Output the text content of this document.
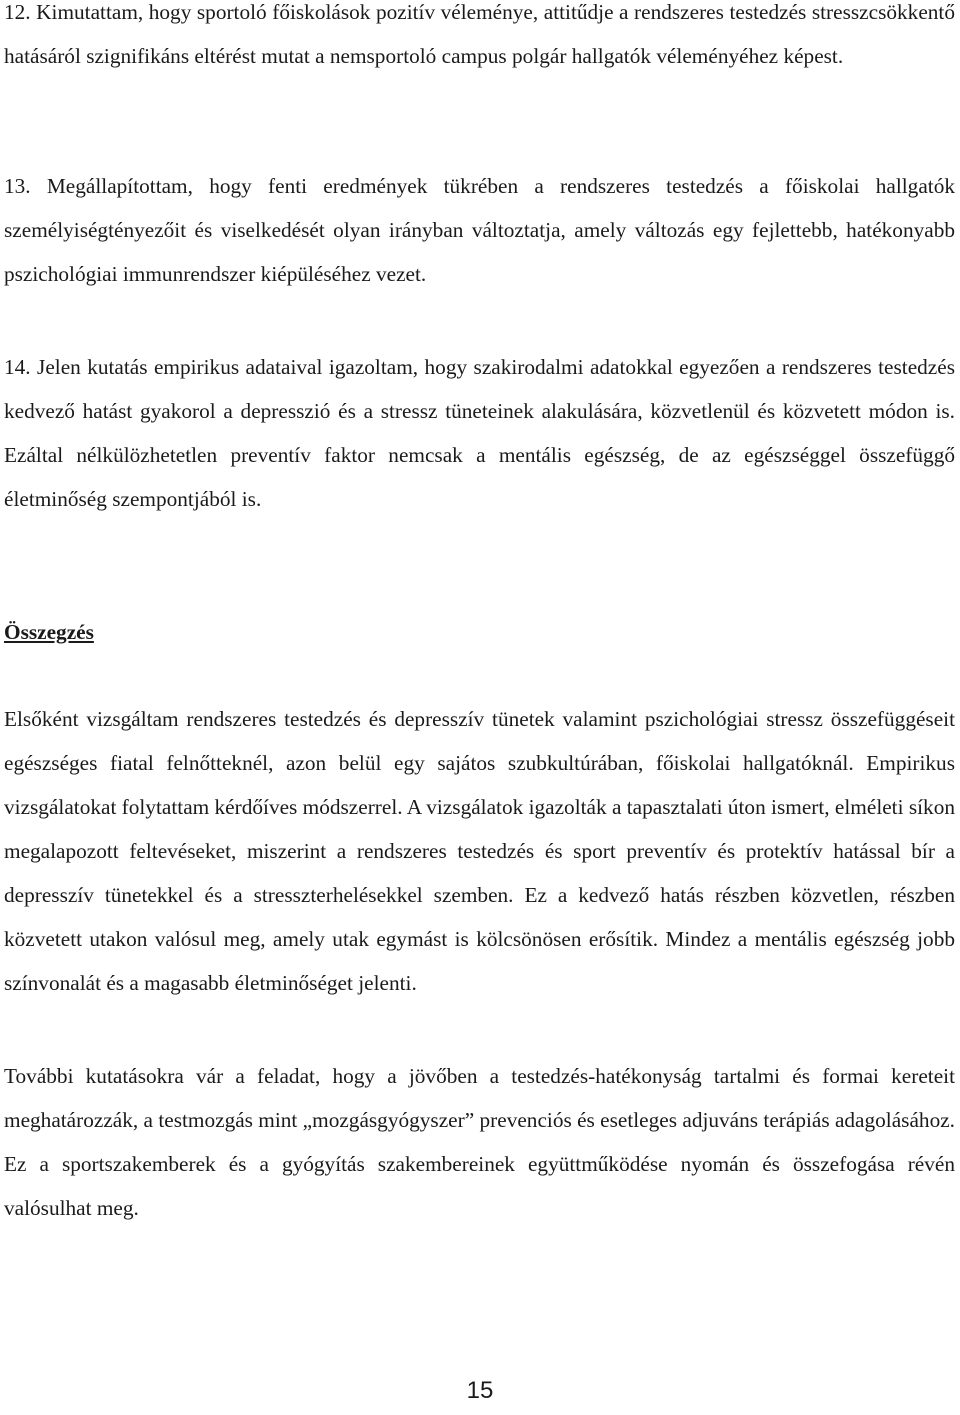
12. Kimutattam, hogy sportoló főiskolások pozitív véleménye, attitűdje a rendszeres testedzés stresszcsökkentő hatásáról szignifikáns eltérést mutat a nemsportoló campus polgár hallgatók véleményéhez képest.

13. Megállapítottam, hogy fenti eredmények tükrében a rendszeres testedzés a főiskolai hallgatók személyiségtényezőit és viselkedését olyan irányban változtatja, amely változás egy fejlettebb, hatékonyabb pszichológiai immunrendszer kiépüléséhez vezet.

14. Jelen kutatás empirikus adataival igazoltam, hogy szakirodalmi adatokkal egyezően a rendszeres testedzés kedvező hatást gyakorol a depresszió és a stressz tüneteinek alakulására, közvetlenül és közvetett módon is. Ezáltal nélkülözhetetlen preventív faktor nemcsak a mentális egészség, de az egészséggel összefüggő életminőség szempontjából is.

Összegzés

Elsőként vizsgáltam rendszeres testedzés és depresszív tünetek valamint pszichológiai stressz összefüggéseit egészséges fiatal felnőtteknél, azon belül egy sajátos szubkultúrában, főiskolai hallgatóknál. Empirikus vizsgálatokat folytattam kérdőíves módszerrel. A vizsgálatok igazolták a tapasztalati úton ismert, elméleti síkon megalapozott feltevéseket, miszerint a rendszeres testedzés és sport preventív és protektív hatással bír a depresszív tünetekkel és a stresszterhelésekkel szemben. Ez a kedvező hatás részben közvetlen, részben közvetett utakon valósul meg, amely utak egymást is kölcsönösen erősítik. Mindez a mentális egészség jobb színvonalát és a magasabb életminőséget jelenti.

További kutatásokra vár a feladat, hogy a jövőben a testedzés-hatékonyság tartalmi és formai kereteit meghatározzák, a testmozgás mint „mozgásgyógyszer” prevenciós és esetleges adjuváns terápiás adagolásához. Ez a sportszakemberek és a gyógyítás szakembereinek együttműködése nyomán és összefogása révén valósulhat meg.

15
